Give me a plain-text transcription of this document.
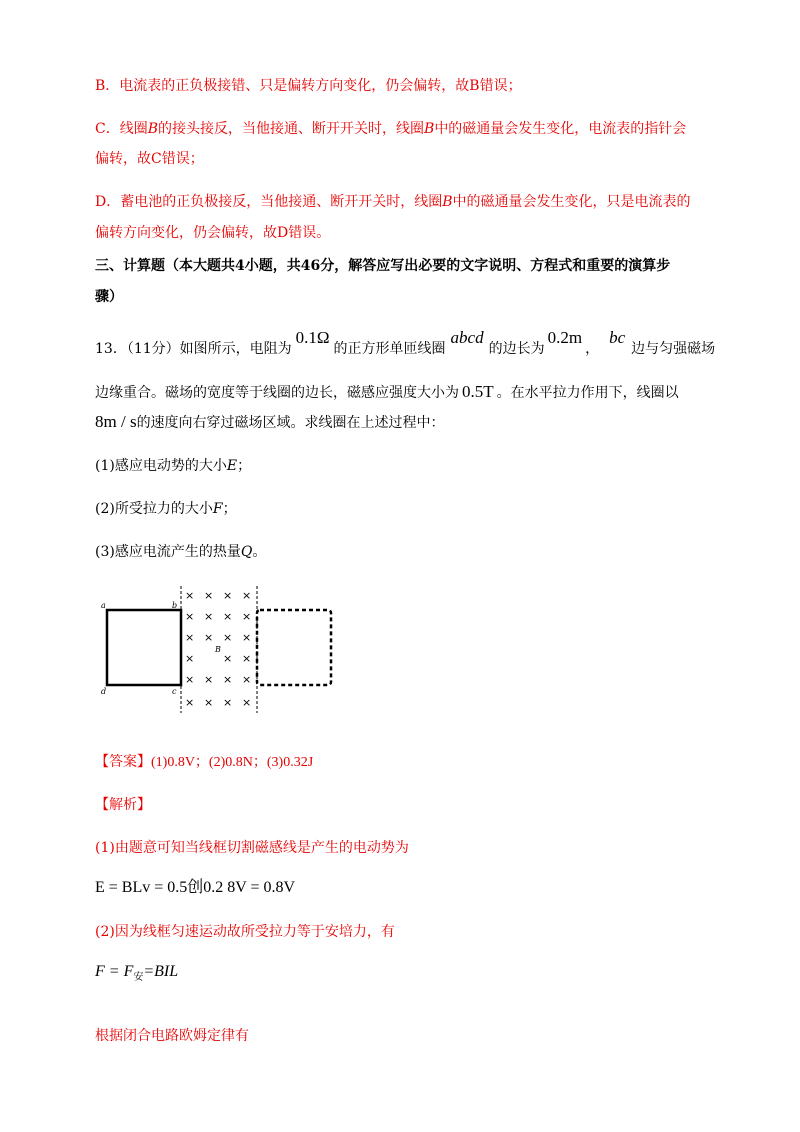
B．电流表的正负极接错、只是偏转方向变化，仍会偏转，故B错误；
C．线圈B的接头接反，当他接通、断开开关时，线圈B中的磁通量会发生变化，电流表的指针会
偏转，故C错误；
D．蓄电池的正负极接反，当他接通、断开开关时，线圈B中的磁通量会发生变化，只是电流表的
偏转方向变化，仍会偏转，故D错误。
三、计算题（本大题共4小题，共46分，解答应写出必要的文字说明、方程式和重要的演算步
骤）
13．（11分）如图所示，电阻为0.1Ω的正方形单匝线圈abcd的边长为0.2m，bc边与匀强磁场
边缘重合。磁场的宽度等于线圈的边长，磁感应强度大小为 0.5T 。在水平拉力作用下，线圈以
8m / s的速度向右穿过磁场区域。求线圈在上述过程中：
(1)感应电动势的大小E；
(2)所受拉力的大小F；
(3)感应电流产生的热量Q。
a	b
c
d
B
× × × ×
× × × ×
× × × ×
×	× ×
× × × ×
× × × ×
【答案】(1)0.8V；(2)0.8N；(3)0.32J
【解析】
(1)由题意可知当线框切割磁感线是产生的电动势为
E = BLv = 0.5创0.2 8V = 0.8V
(2)因为线框匀速运动故所受拉力等于安培力，有
$F = F_安=BIL$
根据闭合电路欧姆定律有
